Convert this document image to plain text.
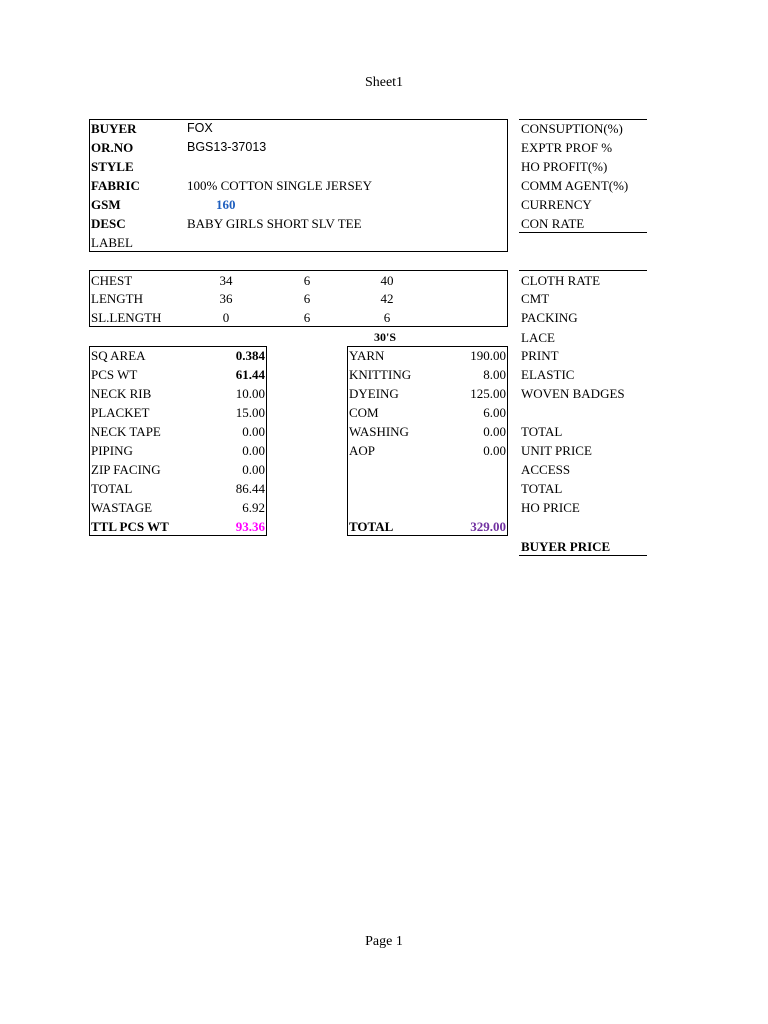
Sheet1
BUYER	FOX
OR.NO	BGS13-37013
STYLE
FABRIC	100% COTTON SINGLE JERSEY
GSM	160
DESC	BABY GIRLS SHORT SLV TEE
LABEL
CHEST	34	6	40
LENGTH	36	6	42
SL.LENGTH	0	6	6
30'S
SQ AREA	0.384
PCS WT	61.44
NECK RIB	10.00
PLACKET	15.00
NECK TAPE	0.00
PIPING	0.00
ZIP FACING	0.00
TOTAL	86.44
WASTAGE	6.92
TTL PCS WT	93.36
YARN	190.00
KNITTING	8.00
DYEING	125.00
COM	6.00
WASHING	0.00
AOP	0.00
TOTAL	329.00
CONSUPTION(%)
EXPTR PROF %
HO PROFIT(%)
COMM AGENT(%)
CURRENCY
CON RATE
CLOTH RATE
CMT
PACKING
LACE
PRINT
ELASTIC
WOVEN BADGES
TOTAL
UNIT PRICE
ACCESS
TOTAL
HO PRICE
BUYER PRICE
Page 1
